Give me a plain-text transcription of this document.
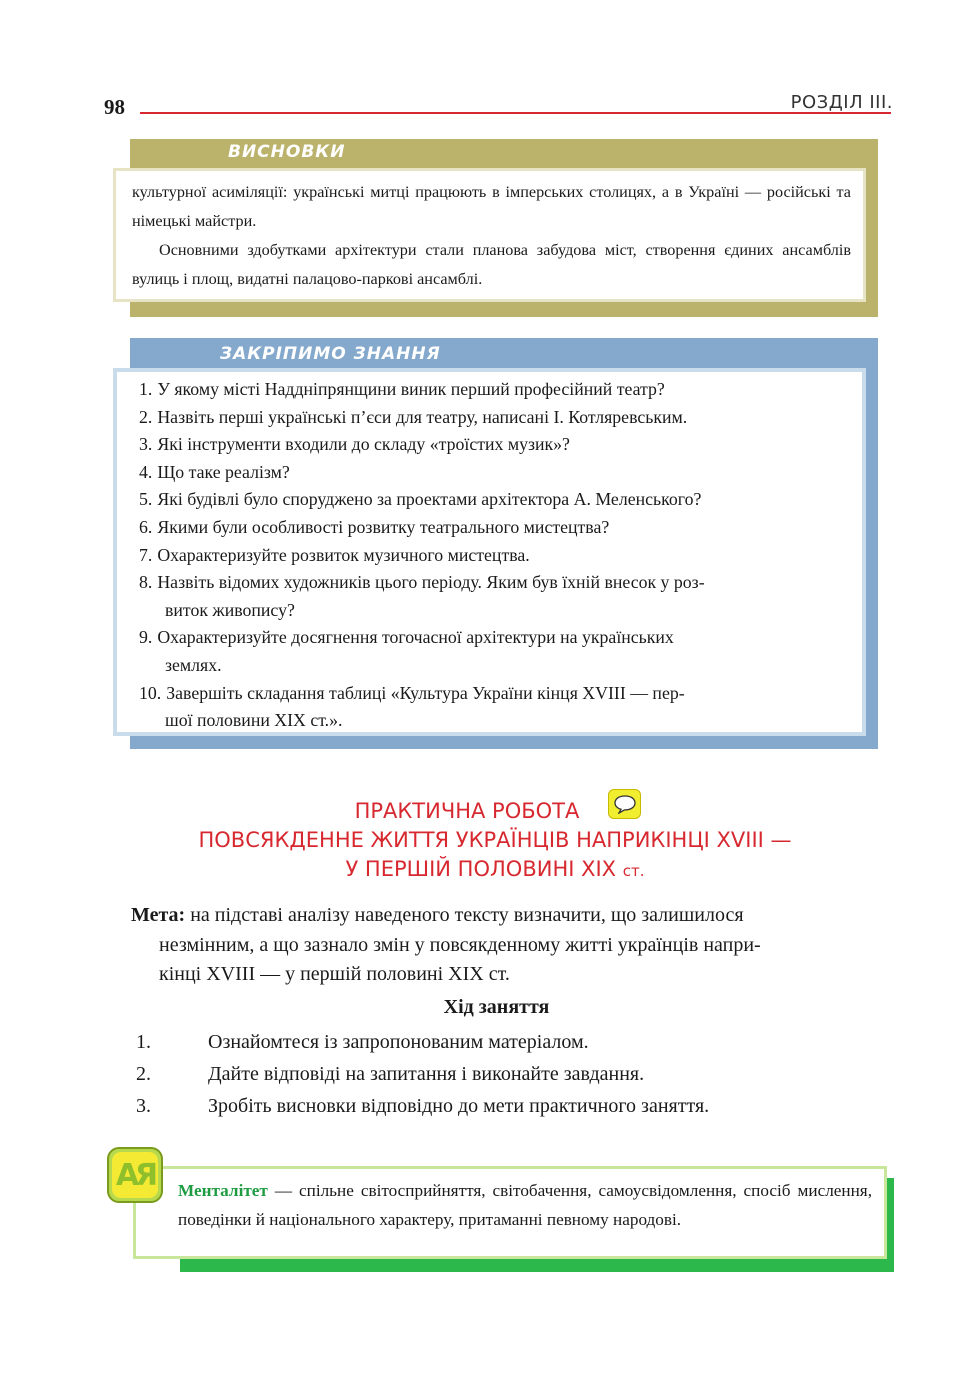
98	РОЗДІЛ ІІІ.
ВИСНОВКИ

культурної асиміляції: українські митці працюють в імперських столицях, а в Україні — російські та німецькі майстри.

Основними здобутками архітектури стали планова забудова міст, створення єдиних ансамблів вулиць і площ, видатні палацово-паркові ансамблі.

ЗАКРІПИМО ЗНАННЯ
1. У якому місті Наддніпрянщини виник перший професійний театр?
2. Назвіть перші українські п’єси для театру, написані І. Котляревським.
3. Які інструменти входили до складу «троїстих музик»?
4. Що таке реалізм?
5. Які будівлі було споруджено за проектами архітектора А. Меленського?
6. Якими були особливості розвитку театрального мистецтва?
7. Охарактеризуйте розвиток музичного мистецтва.
8. Назвіть відомих художників цього періоду. Яким був їхній внесок у роз-
виток живопису?
9. Охарактеризуйте досягнення тогочасної архітектури на українських
землях.
10. Завершіть складання таблиці «Культура України кінця XVIII — пер-
шої половини XIX ст.».
ПРАКТИЧНА РОБОТА
ПОВСЯКДЕННЕ ЖИТТЯ УКРАЇНЦІВ НАПРИКІНЦІ XVIII —
У ПЕРШІЙ ПОЛОВИНІ XIX ст.
Мета: на підставі аналізу наведеного тексту визначити, що залишилося
незмінним, а що зазнало змін у повсякденному житті українців напри-
кінці XVIII — у першій половині XIX ст.
Хід заняття
1.	Ознайомтеся із запропонованим матеріалом.
2.	Дайте відповіді на запитання і виконайте завдання.
3.	Зробіть висновки відповідно до мети практичного заняття.
Менталітет — спільне світосприйняття, світобачення, самоусвідомлення, спосіб мислення, поведінки й національного характеру, притаманні певному народові.
АЯ
